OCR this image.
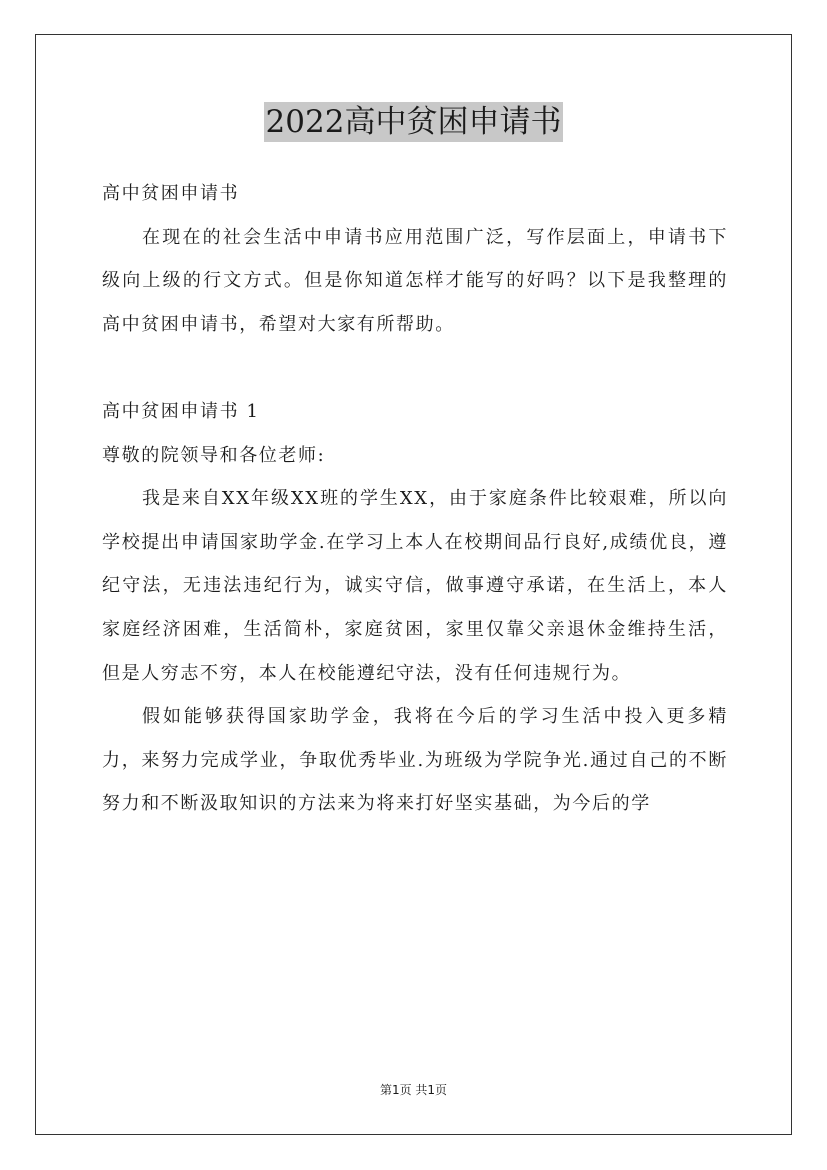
2022高中贫困申请书

高中贫困申请书

在现在的社会生活中申请书应用范围广泛，写作层面上，申请书下级向上级的行文方式。但是你知道怎样才能写的好吗？以下是我整理的高中贫困申请书，希望对大家有所帮助。

高中贫困申请书 1

尊敬的院领导和各位老师:

我是来自XX年级XX班的学生XX，由于家庭条件比较艰难，所以向学校提出申请国家助学金.在学习上本人在校期间品行良好,成绩优良，遵纪守法，无违法违纪行为，诚实守信，做事遵守承诺，在生活上，本人家庭经济困难，生活简朴，家庭贫困，家里仅靠父亲退休金维持生活，但是人穷志不穷，本人在校能遵纪守法，没有任何违规行为。

假如能够获得国家助学金，我将在今后的学习生活中投入更多精力，来努力完成学业，争取优秀毕业.为班级为学院争光.通过自己的不断努力和不断汲取知识的方法来为将来打好坚实基础，为今后的学

第1页 共1页
